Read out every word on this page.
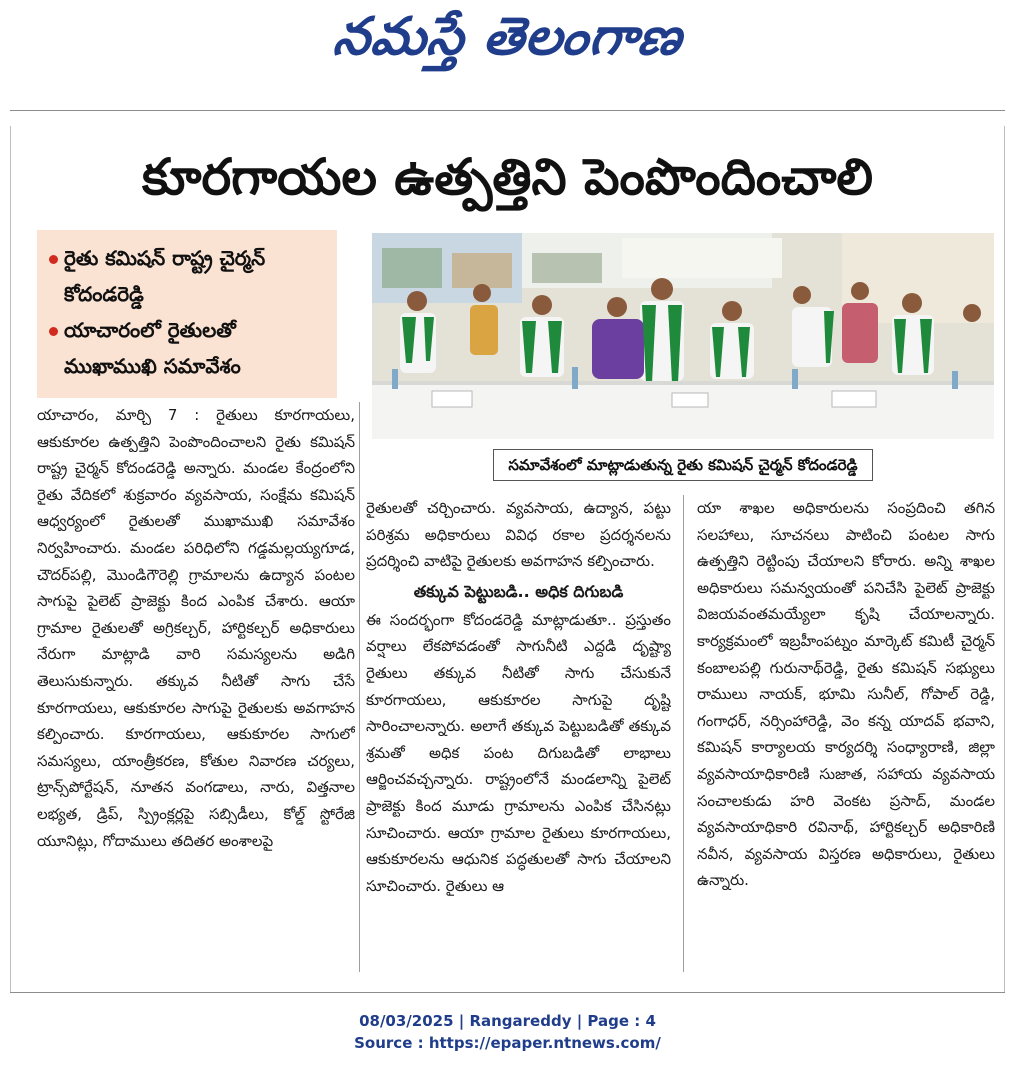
నమస్తే తెలంగాణ
కూరగాయల ఉత్పత్తిని పెంపొందించాలి
రైతు కమిషన్ రాష్ట్ర చైర్మన్
కోదండరెడ్డి
యాచారంలో రైతులతో
ముఖాముఖి సమావేశం
సమావేశంలో మాట్లాడుతున్న రైతు కమిషన్ చైర్మన్ కోదండరెడ్డి
యాచారం, మార్చి 7 : రైతులు కూరగాయలు, ఆకుకూరల ఉత్పత్తిని పెంపొందించాలని రైతు కమిషన్ రాష్ట్ర చైర్మన్ కోదండరెడ్డి అన్నారు. మండల కేంద్రంలోని రైతు వేదికలో శుక్రవారం వ్యవసాయ, సంక్షేమ కమిషన్ ఆధ్వర్యంలో రైతులతో ముఖాముఖి సమావేశం నిర్వహించారు. మండల పరిధిలోని గడ్డమల్లయ్యగూడ, చౌదర్‌పల్లి, మొండిగౌరెల్లి గ్రామాలను ఉద్యాన పంటల సాగుపై పైలెట్ ప్రాజెక్టు కింద ఎంపిక చేశారు. ఆయా గ్రామాల రైతులతో అగ్రికల్చర్, హార్టికల్చర్ అధికారులు నేరుగా మాట్లాడి వారి సమస్యలను అడిగి తెలుసుకున్నారు. తక్కువ నీటితో సాగు చేసే కూరగాయలు, ఆకుకూరల సాగుపై రైతులకు అవగాహన కల్పించారు. కూరగాయలు, ఆకుకూరల సాగులో సమస్యలు, యాంత్రీకరణ, కోతుల నివారణ చర్యలు, ట్రాన్స్‌పోర్టేషన్, నూతన వంగడాలు, నారు, విత్తనాల లభ్యత, డ్రిప్, స్ప్రింక్లర్లపై సబ్సిడీలు, కోల్డ్ స్టోరేజి యూనిట్లు, గోదాములు తదితర అంశాలపై
రైతులతో చర్చించారు. వ్యవసాయ, ఉద్యాన, పట్టు పరిశ్రమ అధికారులు వివిధ రకాల ప్రదర్శనలను ప్రదర్శించి వాటిపై రైతులకు అవగాహన కల్పించారు.
తక్కువ పెట్టుబడి.. అధిక దిగుబడి
ఈ సందర్భంగా కోదండరెడ్డి మాట్లాడుతూ.. ప్రస్తుతం వర్షాలు లేకపోవడంతో సాగునీటి ఎద్దడి దృష్ట్యా రైతులు తక్కువ నీటితో సాగు చేసుకునే కూరగాయలు, ఆకుకూరల సాగుపై దృష్టి సారించాలన్నారు. అలాగే తక్కువ పెట్టుబడితో తక్కువ శ్రమతో అధిక పంట దిగుబడితో లాభాలు ఆర్జించవచ్చన్నారు. రాష్ట్రంలోనే మండలాన్ని పైలెట్ ప్రాజెక్టు కింద మూడు గ్రామాలను ఎంపిక చేసినట్లు సూచించారు. ఆయా గ్రామాల రైతులు కూరగాయలు, ఆకుకూరలను ఆధునిక పద్ధతులతో సాగు చేయాలని సూచించారు. రైతులు ఆ
యా శాఖల అధికారులను సంప్రదించి తగిన సలహాలు, సూచనలు పాటించి పంటల సాగు ఉత్పత్తిని రెట్టింపు చేయాలని కోరారు. అన్ని శాఖల అధికారులు సమన్వయంతో పనిచేసి పైలెట్ ప్రాజెక్టు విజయవంతమయ్యేలా కృషి చేయాలన్నారు. కార్యక్రమంలో ఇబ్రహీంపట్నం మార్కెట్ కమిటీ చైర్మన్ కంబాలపల్లి గురునాథ్‌రెడ్డి, రైతు కమిషన్ సభ్యులు రాములు నాయక్, భూమి సునీల్, గోపాల్ రెడ్డి, గంగాధర్, నర్సింహారెడ్డి, వెం కన్న యాదవ్ భవాని, కమిషన్ కార్యాలయ కార్యదర్శి సంధ్యారాణి, జిల్లా వ్యవసాయాధికారిణి సుజాత, సహాయ వ్యవసాయ సంచాలకుడు హరి వెంకట ప్రసాద్, మండల వ్యవసాయాధికారి రవినాథ్, హార్టికల్చర్ అధికారిణి నవీన, వ్యవసాయ విస్తరణ అధికారులు, రైతులు ఉన్నారు.
08/03/2025 | Rangareddy | Page : 4
Source : https://epaper.ntnews.com/
